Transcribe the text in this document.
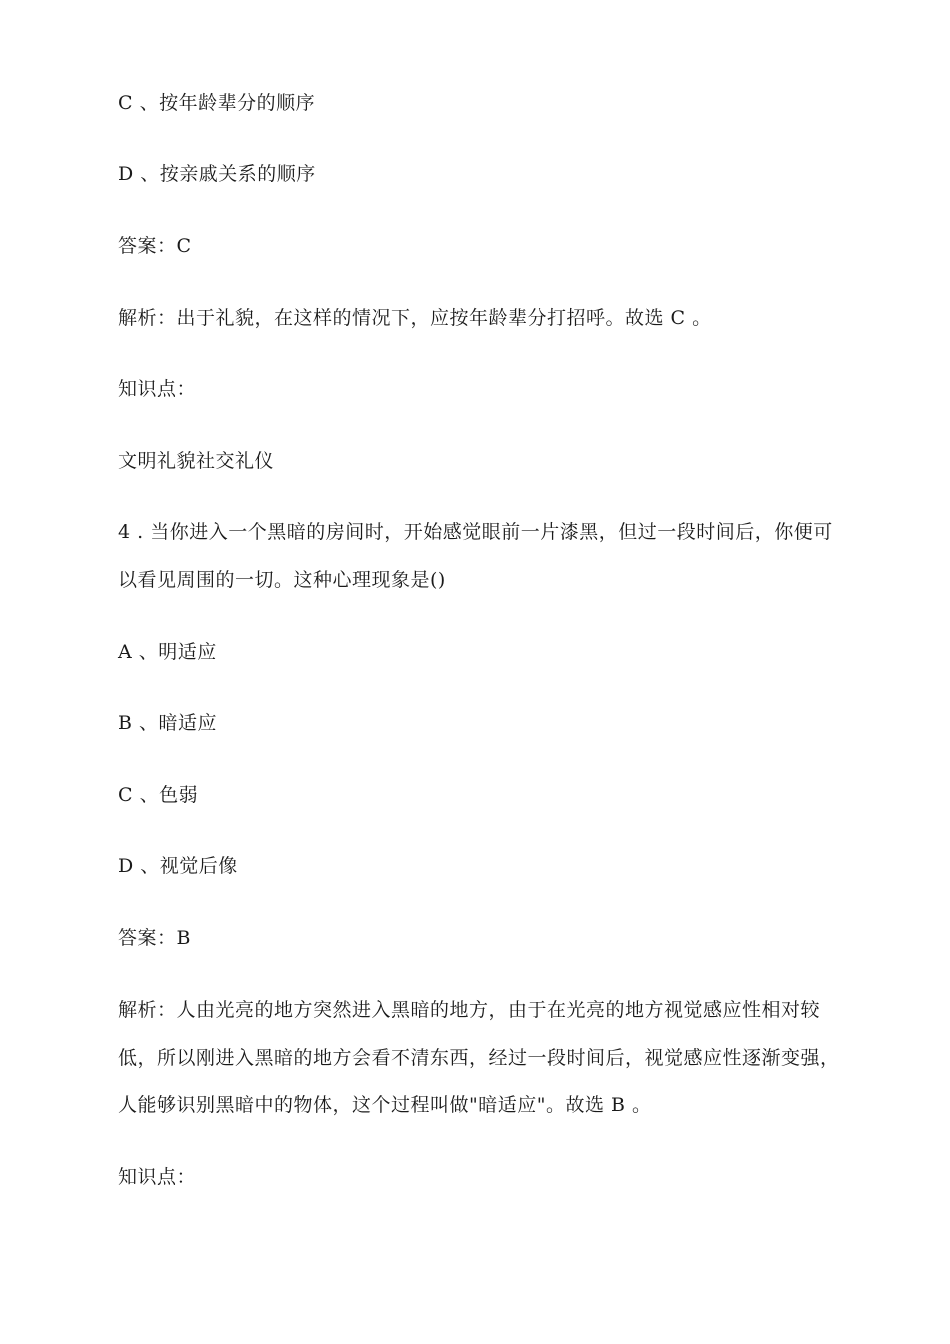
C 、按年龄辈分的顺序
D 、按亲戚关系的顺序
答案：C
解析：出于礼貌，在这样的情况下，应按年龄辈分打招呼。故选 C 。
知识点：
文明礼貌社交礼仪
4 . 当你进入一个黑暗的房间时，开始感觉眼前一片漆黑，但过一段时间后，你便可
以看见周围的一切。这种心理现象是()
A 、明适应
B 、暗适应
C 、色弱
D 、视觉后像
答案：B
解析：人由光亮的地方突然进入黑暗的地方，由于在光亮的地方视觉感应性相对较
低，所以刚进入黑暗的地方会看不清东西，经过一段时间后，视觉感应性逐渐变强，
人能够识别黑暗中的物体，这个过程叫做"暗适应"。故选 B 。
知识点：
